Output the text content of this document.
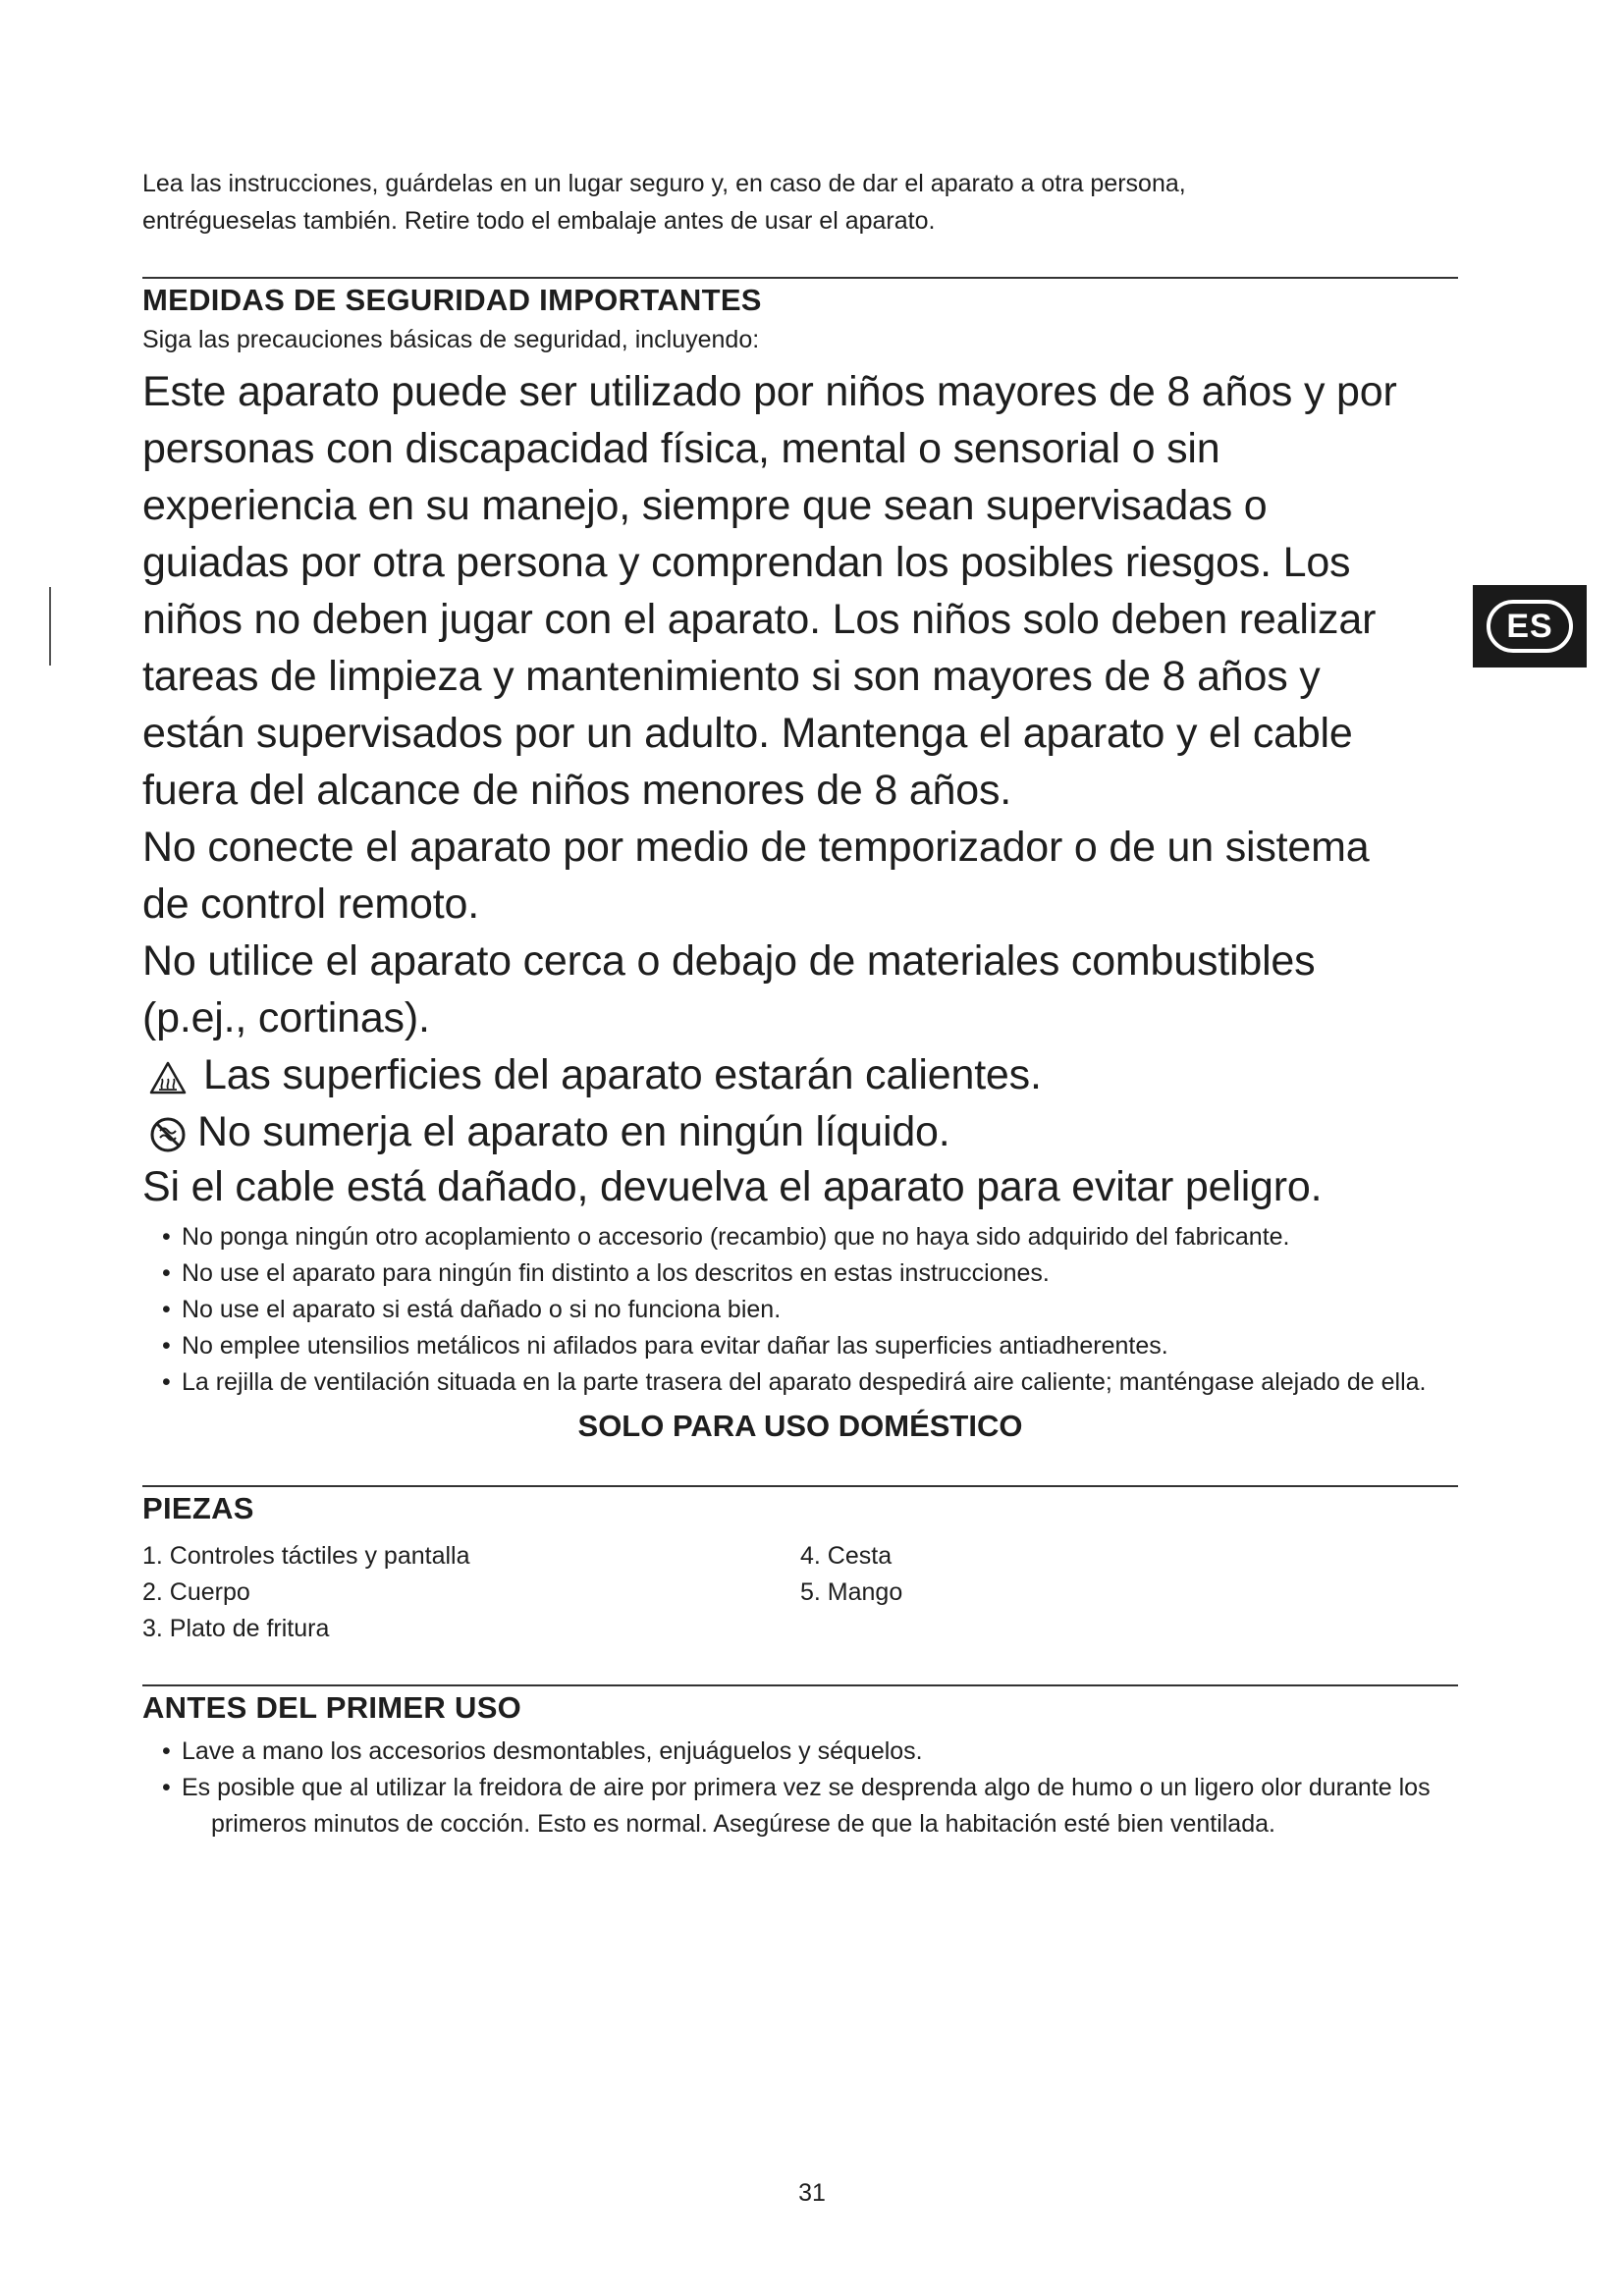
ES

Lea las instrucciones, guárdelas en un lugar seguro y, en caso de dar el aparato a otra persona,

entrégueselas también. Retire todo el embalaje antes de usar el aparato.

MEDIDAS DE SEGURIDAD IMPORTANTES

Siga las precauciones básicas de seguridad, incluyendo:

Este aparato puede ser utilizado por niños mayores de 8 años y por

personas con discapacidad física, mental o sensorial o sin

experiencia en su manejo, siempre que sean supervisadas o

guiadas por otra persona y comprendan los posibles riesgos. Los

niños no deben jugar con el aparato. Los niños solo deben realizar

tareas de limpieza y mantenimiento si son mayores de 8 años y

están supervisados por un adulto. Mantenga el aparato y el cable

fuera del alcance de niños menores de 8 años.

No conecte el aparato por medio de temporizador o de un sistema

de control remoto.

No utilice el aparato cerca o debajo de materiales combustibles

(p.ej., cortinas).

Las superficies del aparato estarán calientes.

No sumerja el aparato en ningún líquido.

Si el cable está dañado, devuelva el aparato para evitar peligro.

• No ponga ningún otro acoplamiento o accesorio (recambio) que no haya sido adquirido del fabricante.
• No use el aparato para ningún fin distinto a los descritos en estas instrucciones.
• No use el aparato si está dañado o si no funciona bien.
• No emplee utensilios metálicos ni afilados para evitar dañar las superficies antiadherentes.
• La rejilla de ventilación situada en la parte trasera del aparato despedirá aire caliente; manténgase alejado de ella.

SOLO PARA USO DOMÉSTICO

PIEZAS

1. Controles táctiles y pantalla

2. Cuerpo

3. Plato de fritura

4. Cesta

5. Mango

ANTES DEL PRIMER USO
• Lave a mano los accesorios desmontables, enjuáguelos y séquelos.
• Es posible que al utilizar la freidora de aire por primera vez se desprenda algo de humo o un ligero olor durante los primeros minutos de cocción. Esto es normal. Asegúrese de que la habitación esté bien ventilada.
31
